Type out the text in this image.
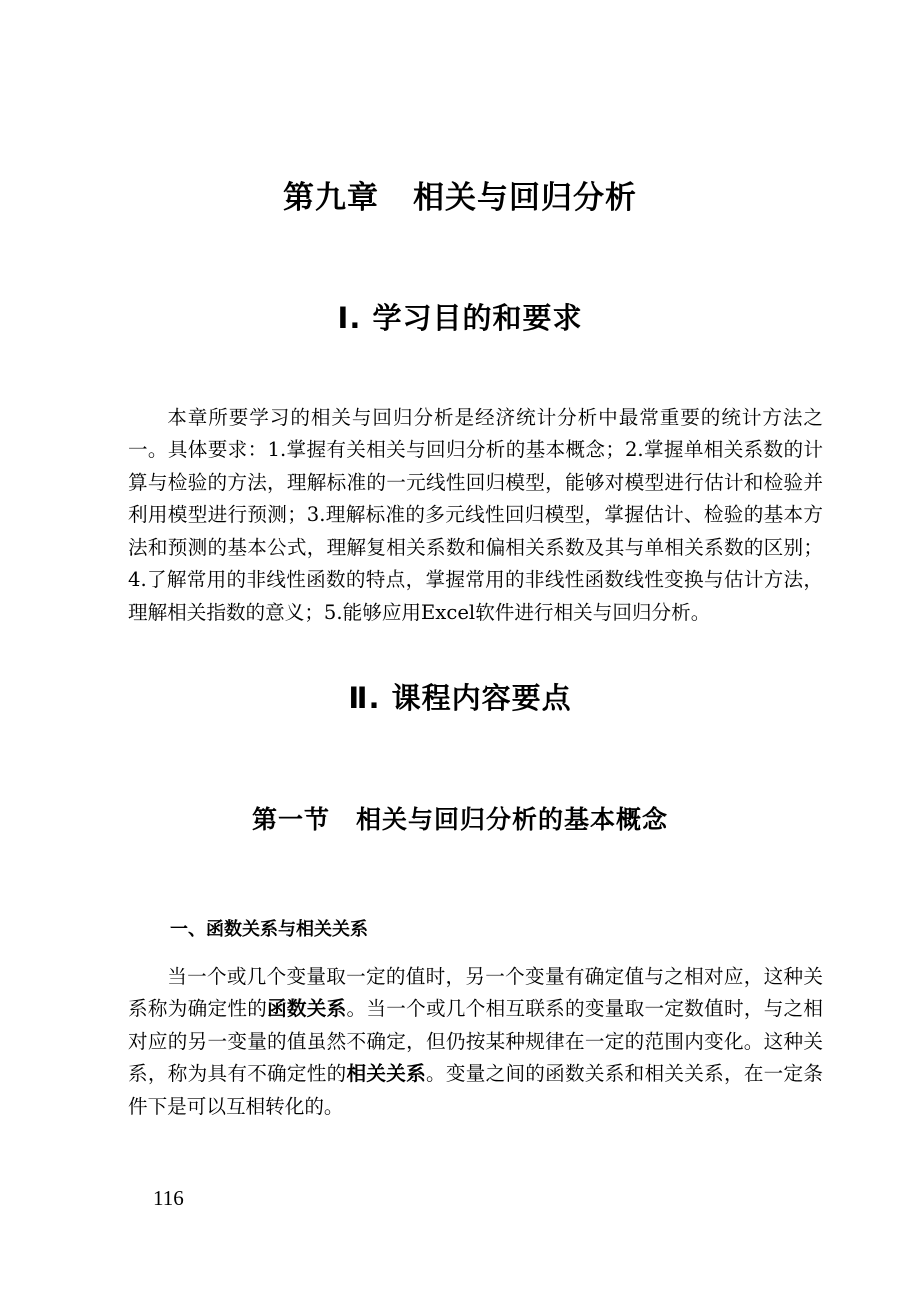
第九章 相关与回归分析
Ⅰ. 学习目的和要求

本章所要学习的相关与回归分析是经济统计分析中最常重要的统计方法之一。具体要求：1.掌握有关相关与回归分析的基本概念；2.掌握单相关系数的计算与检验的方法，理解标准的一元线性回归模型，能够对模型进行估计和检验并利用模型进行预测；3.理解标准的多元线性回归模型，掌握估计、检验的基本方法和预测的基本公式，理解复相关系数和偏相关系数及其与单相关系数的区别；4.了解常用的非线性函数的特点，掌握常用的非线性函数线性变换与估计方法，理解相关指数的意义；5.能够应用Excel软件进行相关与回归分析。

Ⅱ. 课程内容要点
第一节 相关与回归分析的基本概念
一、函数关系与相关关系

当一个或几个变量取一定的值时，另一个变量有确定值与之相对应，这种关系称为确定性的函数关系。当一个或几个相互联系的变量取一定数值时，与之相对应的另一变量的值虽然不确定，但仍按某种规律在一定的范围内变化。这种关系，称为具有不确定性的相关关系。变量之间的函数关系和相关关系，在一定条件下是可以互相转化的。

116
